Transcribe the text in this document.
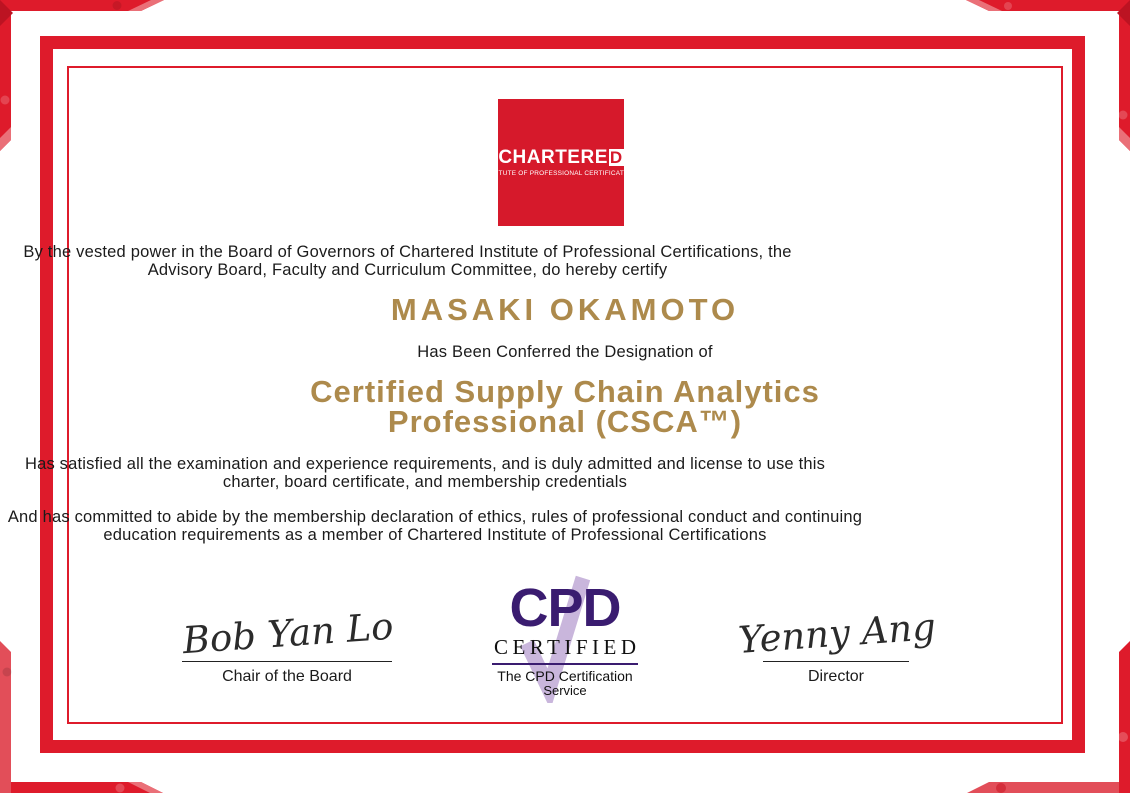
CHARTER E D
INSTITUTE OF PROFESSIONAL CERTIFICATIONS

By the vested power in the Board of Governors of Chartered Institute of Professional Certifications, the Advisory Board, Faculty and Curriculum Committee, do hereby certify

MASAKI OKAMOTO

Has Been Conferred the Designation of

Certified Supply Chain Analytics
Professional (CSCA™)

Has satisfied all the examination and experience requirements, and is duly admitted and license to use this charter, board certificate, and membership credentials

And has committed to abide by the membership declaration of ethics, rules of professional conduct and continuing education requirements as a member of Chartered Institute of Professional Certifications

Bob Yan Lo
Chair of the Board
Yenny Ang
Director
CPD
CERTIFIED
The CPD Certification
Service
